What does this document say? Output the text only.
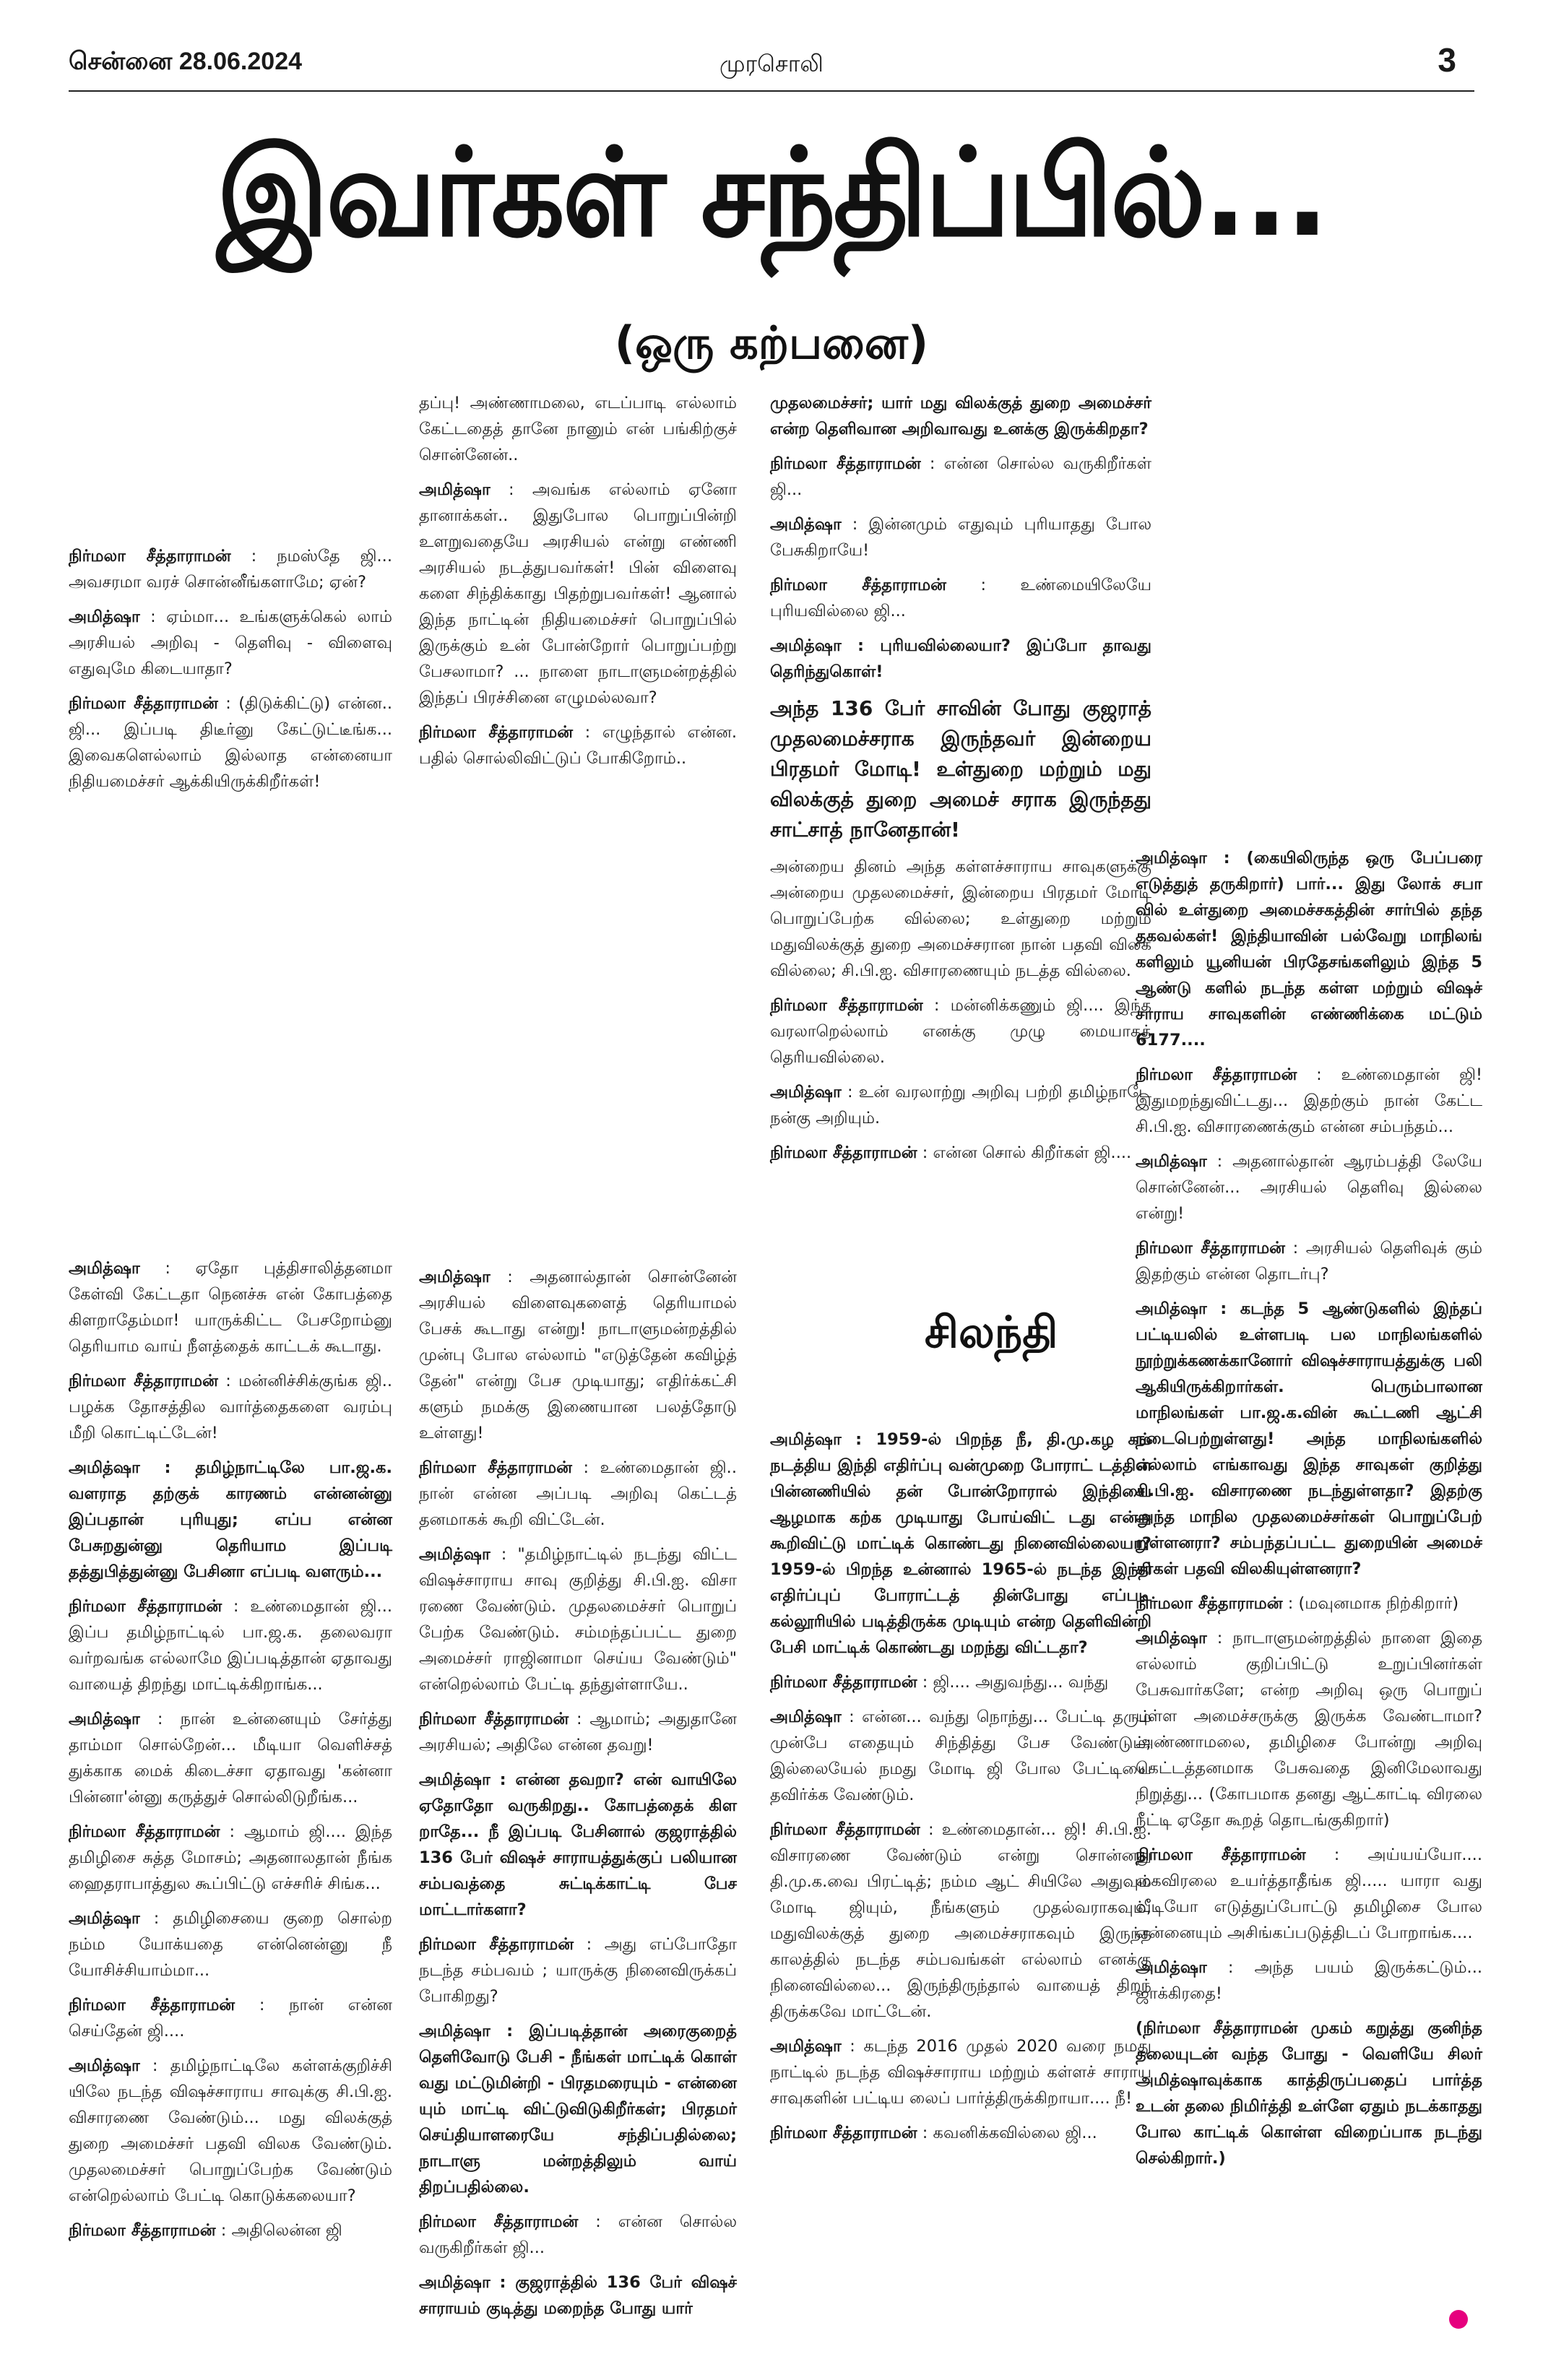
சென்னை 28.06.2024	முரசொலி	3
இவர்கள் சந்திப்பில்...
(ஒரு கற்பனை)

நிர்மலா சீத்தாராமன் : நமஸ்தே ஜி... அவசரமா வரச் சொன்னீங்களாமே; ஏன்?

அமித்ஷா : ஏம்மா... உங்களுக்கெல் லாம் அரசியல் அறிவு - தெளிவு - விளைவு எதுவுமே கிடையாதா?

நிர்மலா சீத்தாராமன் : (திடுக்கிட்டு) என்ன.. ஜி... இப்படி திடீர்னு கேட்டுட்டீங்க... இவைகளெல்லாம் இல்லாத என்னையா நிதியமைச்சர் ஆக்கியிருக்கிறீர்கள்!

தப்பு! அண்ணாமலை, எடப்பாடி எல்லாம் கேட்டதைத் தானே நானும் என் பங்கிற்குச் சொன்னேன்..

அமித்ஷா : அவங்க எல்லாம் ஏனோ தானாக்கள்.. இதுபோல பொறுப்பின்றி உளறுவதையே அரசியல் என்று எண்ணி அரசியல் நடத்துபவர்கள்! பின் விளைவு களை சிந்திக்காது பிதற்றுபவர்கள்! ஆனால் இந்த நாட்டின் நிதியமைச்சர் பொறுப்பில் இருக்கும் உன் போன்றோர் பொறுப்பற்று பேசலாமா? ... நாளை நாடாளுமன்றத்தில் இந்தப் பிரச்சினை எழுமல்லவா?

நிர்மலா சீத்தாராமன் : எழுந்தால் என்ன. பதில் சொல்லிவிட்டுப் போகிறோம்..

முதலமைச்சர்; யார் மது விலக்குத் துறை அமைச்சர் என்ற தெளிவான அறிவாவது உனக்கு இருக்கிறதா?

நிர்மலா சீத்தாராமன் : என்ன சொல்ல வருகிறீர்கள் ஜி...

அமித்ஷா : இன்னமும் எதுவும் புரியாதது போல பேசுகிறாயே!

நிர்மலா சீத்தாராமன் : உண்மையிலேயே புரியவில்லை ஜி...

அமித்ஷா : புரியவில்லையா? இப்போ தாவது தெரிந்துகொள்!

அந்த 136 பேர் சாவின் போது குஜராத் முதலமைச்சராக இருந்தவர் இன்றைய பிரதமர் மோடி! உள்துறை மற்றும் மது விலக்குத் துறை அமைச் சராக இருந்தது சாட்சாத் நானேதான்!

அன்றைய தினம் அந்த கள்ளச்சாராய சாவுகளுக்கு அன்றைய முதலமைச்சர், இன்றைய பிரதமர் மோடி பொறுப்பேற்க வில்லை; உள்துறை மற்றும் மதுவிலக்குத் துறை அமைச்சரான நான் பதவி விலக வில்லை; சி.பி.ஐ. விசாரணையும் நடத்த வில்லை.

நிர்மலா சீத்தாராமன் : மன்னிக்கணும் ஜி.... இந்த வரலாறெல்லாம் எனக்கு முழு மையாகத் தெரியவில்லை.

அமித்ஷா : உன் வரலாற்று அறிவு பற்றி தமிழ்நாடே நன்கு அறியும்.

நிர்மலா சீத்தாராமன் : என்ன சொல் கிறீர்கள் ஜி....

அமித்ஷா : (கையிலிருந்த ஒரு பேப்பரை எடுத்துத் தருகிறார்) பார்... இது லோக் சபா வில் உள்துறை அமைச்சகத்தின் சார்பில் தந்த தகவல்கள்! இந்தியாவின் பல்வேறு மாநிலங் களிலும் யூனியன் பிரதேசங்களிலும் இந்த 5 ஆண்டு களில் நடந்த கள்ள மற்றும் விஷச் சாராய சாவுகளின் எண்ணிக்கை மட்டும் 6177....

நிர்மலா சீத்தாராமன் : உண்மைதான் ஜி! இதுமறந்துவிட்டது... இதற்கும் நான் கேட்ட சி.பி.ஐ. விசாரணைக்கும் என்ன சம்பந்தம்...

அமித்ஷா : அதனால்தான் ஆரம்பத்தி லேயே சொன்னேன்... அரசியல் தெளிவு இல்லை என்று!

நிர்மலா சீத்தாராமன் : அரசியல் தெளிவுக் கும் இதற்கும் என்ன தொடர்பு?

அமித்ஷா : கடந்த 5 ஆண்டுகளில் இந்தப் பட்டியலில் உள்ளபடி பல மாநிலங்களில் நூற்றுக்கணக்கானோர் விஷச்சாராயத்துக்கு பலி ஆகியிருக்கிறார்கள். பெரும்பாலான மாநிலங்கள் பா.ஜ.க.வின் கூட்டணி ஆட்சி நடைபெற்றுள்ளது! அந்த மாநிலங்களில் எல்லாம் எங்காவது இந்த சாவுகள் குறித்து சி.பி.ஐ. விசாரணை நடந்துள்ளதா? இதற்கு அந்த மாநில முதலமைச்சர்கள் பொறுப்பேற் றுள்ளனரா? சம்பந்தப்பட்ட துறையின் அமைச் சர்கள் பதவி விலகியுள்ளனரா?

நிர்மலா சீத்தாராமன் : (மவுனமாக நிற்கிறார்)

அமித்ஷா : நாடாளுமன்றத்தில் நாளை இதை எல்லாம் குறிப்பிட்டு உறுப்பினர்கள் பேசுவார்களே; என்ற அறிவு ஒரு பொறுப் புள்ள அமைச்சருக்கு இருக்க வேண்டாமா? அண்ணாமலை, தமிழிசை போன்று அறிவு கெட்டத்தனமாக பேசுவதை இனிமேலாவது நிறுத்து... (கோபமாக தனது ஆட்காட்டி விரலை நீட்டி ஏதோ கூறத் தொடங்குகிறார்)

நிர்மலா சீத்தாராமன் : அய்யய்யோ.... கைவிரலை உயர்த்தாதீங்க ஜி..... யாரா வது வீடியோ எடுத்துப்போட்டு தமிழிசை போல என்னையும் அசிங்கப்படுத்திடப் போறாங்க....

அமித்ஷா : அந்த பயம் இருக்கட்டும்... ஜாக்கிரதை!

(நிர்மலா சீத்தாராமன் முகம் கறுத்து குனிந்த தலையுடன் வந்த போது - வெளியே சிலர் அமித்ஷாவுக்காக காத்திருப்பதைப் பார்த்த உடன் தலை நிமிர்த்தி உள்ளே ஏதும் நடக்காதது போல காட்டிக் கொள்ள விறைப்பாக நடந்து செல்கிறார்.)

அமித்ஷா : ஏதோ புத்திசாலித்தனமா கேள்வி கேட்டதா நெனச்சு என் கோபத்தை கிளறாதேம்மா! யாருக்கிட்ட பேசறோம்னு தெரியாம வாய் நீளத்தைக் காட்டக் கூடாது.

நிர்மலா சீத்தாராமன் : மன்னிச்சிக்குங்க ஜி.. பழக்க தோசத்தில வார்த்தைகளை வரம்பு மீறி கொட்டிட்டேன்!

அமித்ஷா : தமிழ்நாட்டிலே பா.ஜ.க. வளராத தற்குக் காரணம் என்னன்னு இப்பதான் புரியுது; எப்ப என்ன பேசுறதுன்னு தெரியாம இப்படி தத்துபித்துன்னு பேசினா எப்படி வளரும்...

நிர்மலா சீத்தாராமன் : உண்மைதான் ஜி... இப்ப தமிழ்நாட்டில் பா.ஜ.க. தலைவரா வர்றவங்க எல்லாமே இப்படித்தான் ஏதாவது வாயைத் திறந்து மாட்டிக்கிறாங்க...

அமித்ஷா : நான் உன்னையும் சேர்த்து தாம்மா சொல்றேன்... மீடியா வெளிச்சத் துக்காக மைக் கிடைச்சா ஏதாவது 'கன்னா பின்னா'ன்னு கருத்துச் சொல்லிடுறீங்க...

நிர்மலா சீத்தாராமன் : ஆமாம் ஜி.... இந்த தமிழிசை சுத்த மோசம்; அதனாலதான் நீங்க ஹைதராபாத்துல கூப்பிட்டு எச்சரிச் சிங்க...

அமித்ஷா : தமிழிசையை குறை சொல்ற நம்ம யோக்யதை என்னென்னு நீ யோசிச்சியாம்மா...

நிர்மலா சீத்தாராமன் : நான் என்ன செய்தேன் ஜி....

அமித்ஷா : தமிழ்நாட்டிலே கள்ளக்குறிச்சி யிலே நடந்த விஷச்சாராய சாவுக்கு சி.பி.ஐ. விசாரணை வேண்டும்... மது விலக்குத் துறை அமைச்சர் பதவி விலக வேண்டும். முதலமைச்சர் பொறுப்பேற்க வேண்டும் என்றெல்லாம் பேட்டி கொடுக்கலையா?

நிர்மலா சீத்தாராமன் : அதிலென்ன ஜி

அமித்ஷா : அதனால்தான் சொன்னேன் அரசியல் விளைவுகளைத் தெரியாமல் பேசக் கூடாது என்று! நாடாளுமன்றத்தில் முன்பு போல எல்லாம் "எடுத்தேன் கவிழ்த் தேன்" என்று பேச முடியாது; எதிர்க்கட்சி களும் நமக்கு இணையான பலத்தோடு உள்ளது!

நிர்மலா சீத்தாராமன் : உண்மைதான் ஜி.. நான் என்ன அப்படி அறிவு கெட்டத் தனமாகக் கூறி விட்டேன்.

அமித்ஷா : "தமிழ்நாட்டில் நடந்து விட்ட விஷச்சாராய சாவு குறித்து சி.பி.ஐ. விசா ரணை வேண்டும். முதலமைச்சர் பொறுப் பேற்க வேண்டும். சம்மந்தப்பட்ட துறை அமைச்சர் ராஜினாமா செய்ய வேண்டும்" என்றெல்லாம் பேட்டி தந்துள்ளாயே..

நிர்மலா சீத்தாராமன் : ஆமாம்; அதுதானே அரசியல்; அதிலே என்ன தவறு!

அமித்ஷா : என்ன தவறா? என் வாயிலே ஏதோதோ வருகிறது.. கோபத்தைக் கிள றாதே... நீ இப்படி பேசினால் குஜராத்தில் 136 பேர் விஷச் சாராயத்துக்குப் பலியான சம்பவத்தை சுட்டிக்காட்டி பேச மாட்டார்களா?

நிர்மலா சீத்தாராமன் : அது எப்போதோ நடந்த சம்பவம் ; யாருக்கு நினைவிருக்கப் போகிறது?

அமித்ஷா : இப்படித்தான் அரைகுறைத் தெளிவோடு பேசி - நீங்கள் மாட்டிக் கொள் வது மட்டுமின்றி - பிரதமரையும் - என்னை யும் மாட்டி விட்டுவிடுகிறீர்கள்; பிரதமர் செய்தியாளரையே சந்திப்பதில்லை; நாடாளு மன்றத்திலும் வாய் திறப்பதில்லை.

நிர்மலா சீத்தாராமன் : என்ன சொல்ல வருகிறீர்கள் ஜி...

அமித்ஷா : குஜராத்தில் 136 பேர் விஷச் சாராயம் குடித்து மறைந்த போது யார்

சிலந்தி

அமித்ஷா : 1959-ல் பிறந்த நீ, தி.மு.கழ கம் நடத்திய இந்தி எதிர்ப்பு வன்முறை போராட் டத்தின் பின்னணியில் தன் போன்றோரால் இந்தியை ஆழமாக கற்க முடியாது போய்விட் டது என்று கூறிவிட்டு மாட்டிக் கொண்டது நினைவில்லையா? 1959-ல் பிறந்த உன்னால் 1965-ல் நடந்த இந்தி எதிர்ப்புப் போராட்டத் தின்போது எப்படி கல்லூரியில் படித்திருக்க முடியும் என்ற தெளிவின்றி பேசி மாட்டிக் கொண்டது மறந்து விட்டதா?

நிர்மலா சீத்தாராமன் : ஜி.... அதுவந்து... வந்து

அமித்ஷா : என்ன... வந்து நொந்து... பேட்டி தரும் முன்பே எதையும் சிந்தித்து பேச வேண்டும்; இல்லையேல் நமது மோடி ஜி போல பேட்டியை தவிர்க்க வேண்டும்.

நிர்மலா சீத்தாராமன் : உண்மைதான்... ஜி! சி.பி.ஐ. விசாரணை வேண்டும் என்று சொன்னது தி.மு.க.வை பிரட்டித்; நம்ம ஆட் சியிலே அதுவும் மோடி ஜியும், நீங்களும் முதல்வராகவும், மதுவிலக்குத் துறை அமைச்சராகவும் இருந்த காலத்தில் நடந்த சம்பவங்கள் எல்லாம் எனக்கு நினைவில்லை... இருந்திருந்தால் வாயைத் திறந் திருக்கவே மாட்டேன்.

அமித்ஷா : கடந்த 2016 முதல் 2020 வரை நமது நாட்டில் நடந்த விஷச்சாராய மற்றும் கள்ளச் சாராய சாவுகளின் பட்டிய லைப் பார்த்திருக்கிறாயா.... நீ!

நிர்மலா சீத்தாராமன் : கவனிக்கவில்லை ஜி...
